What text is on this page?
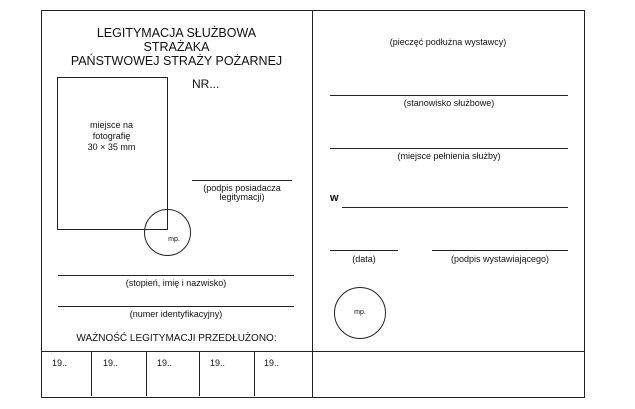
LEGITYMACJA SŁUŻBOWA
STRAŻAKA
PAŃSTWOWEJ STRAŻY POŻARNEJ
NR...
miejsce na
fotografię
30 × 35 mm
(podpis posiadacza
legitymacji)
mp.
(stopień, imię i nazwisko)
(numer identyfikacyjny)
WAŻNOŚĆ LEGITYMACJI PRZEDŁUŻONO:
19..	19..	19..	19..	19..
(pieczęć podłużna wystawcy)
(stanowisko służbowe)
(miejsce pełnienia służby)
w
(data)	(podpis wystawiającego)
mp.
